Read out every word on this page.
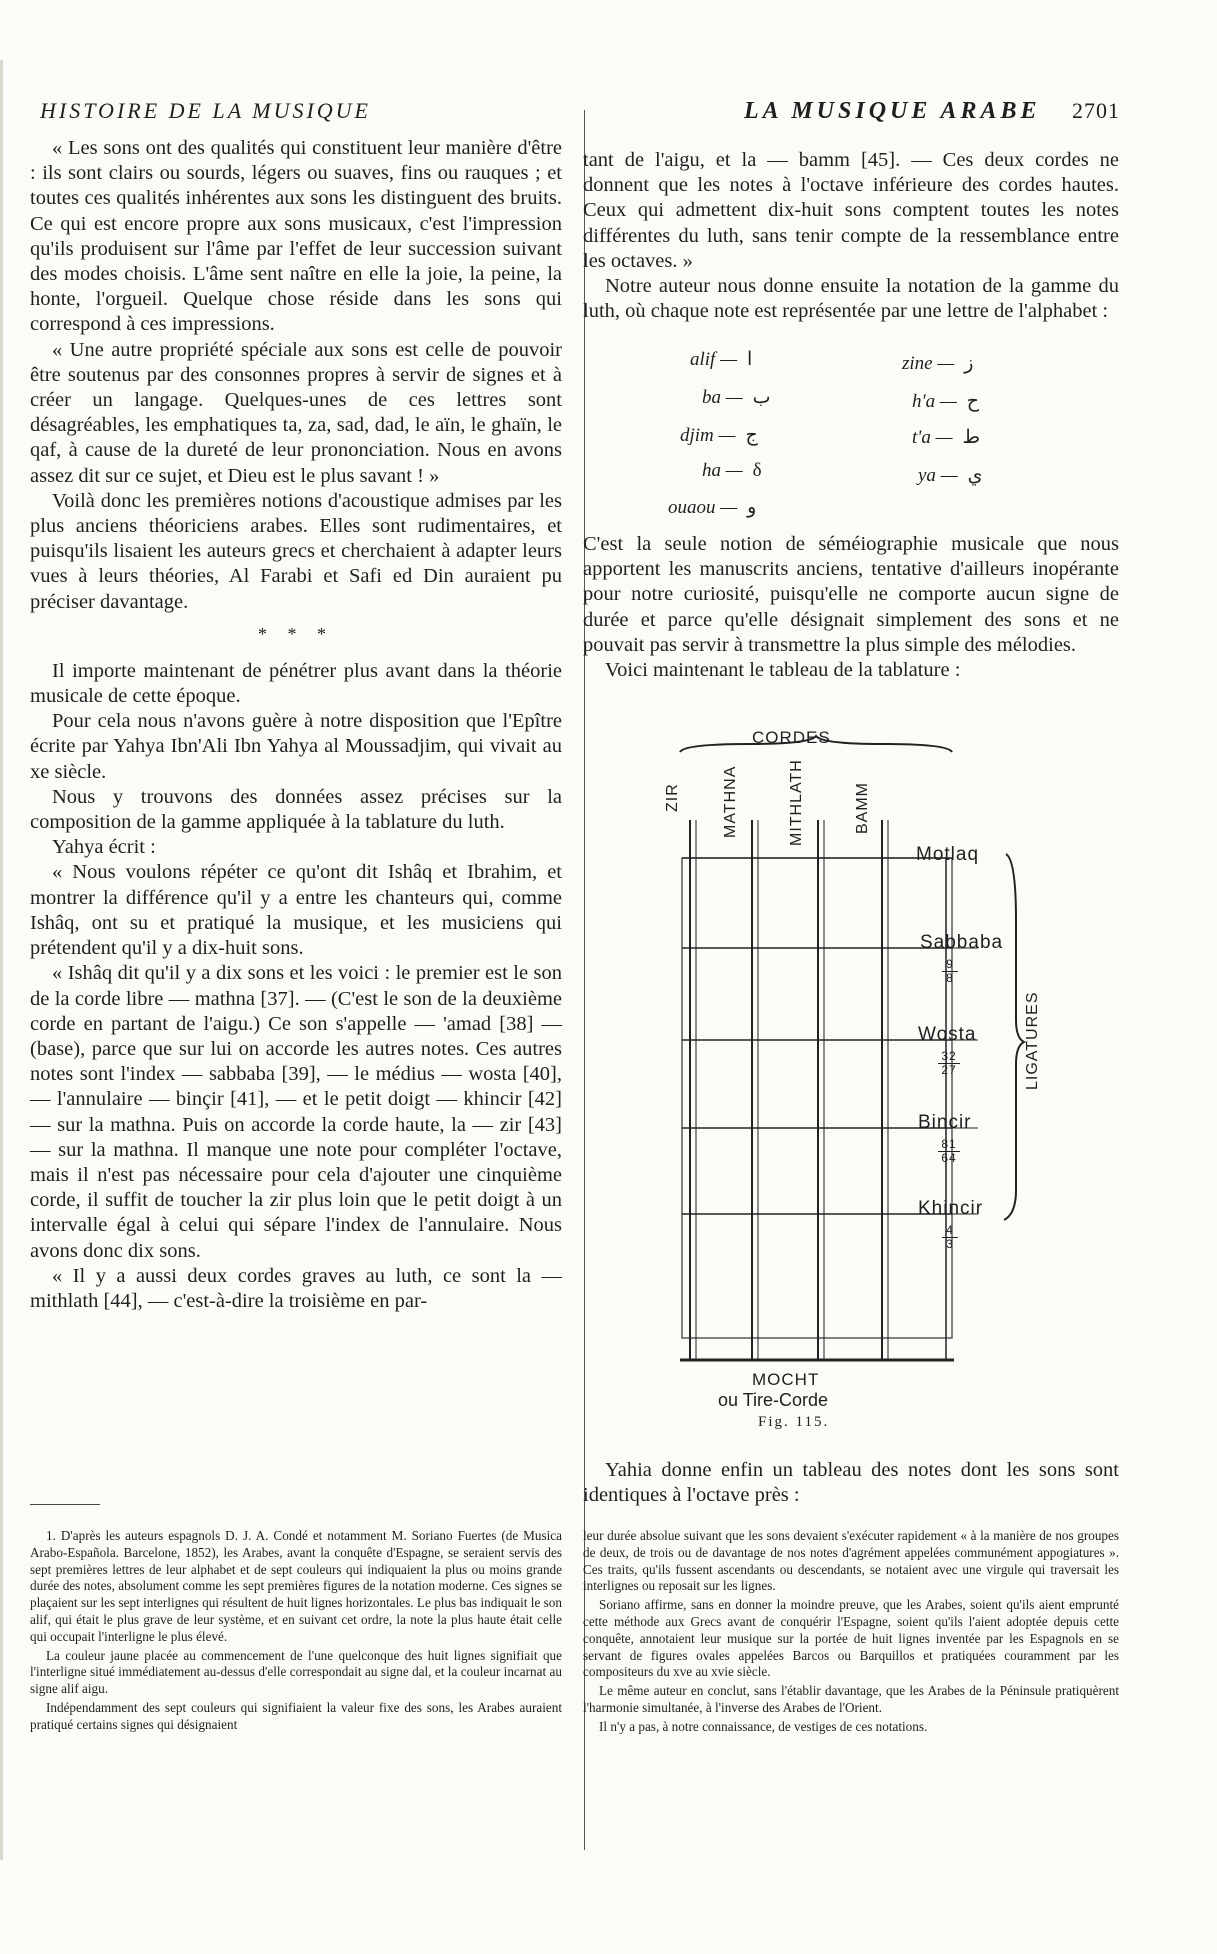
HISTOIRE DE LA MUSIQUE	LA MUSIQUE ARABE 2701

« Les sons ont des qualités qui constituent leur manière d'être : ils sont clairs ou sourds, légers ou suaves, fins ou rauques ; et toutes ces qualités inhérentes aux sons les distinguent des bruits. Ce qui est encore propre aux sons musicaux, c'est l'impression qu'ils produisent sur l'âme par l'effet de leur succession suivant des modes choisis. L'âme sent naître en elle la joie, la peine, la honte, l'orgueil. Quelque chose réside dans les sons qui correspond à ces impressions.

« Une autre propriété spéciale aux sons est celle de pouvoir être soutenus par des consonnes propres à servir de signes et à créer un langage. Quelques-unes de ces lettres sont désagréables, les emphatiques ta, za, sad, dad, le aïn, le ghaïn, le qaf, à cause de la dureté de leur prononciation. Nous en avons assez dit sur ce sujet, et Dieu est le plus savant ! »

Voilà donc les premières notions d'acoustique admises par les plus anciens théoriciens arabes. Elles sont rudimentaires, et puisqu'ils lisaient les auteurs grecs et cherchaient à adapter leurs vues à leurs théories, Al Farabi et Safi ed Din auraient pu préciser davantage.

* * *

Il importe maintenant de pénétrer plus avant dans la théorie musicale de cette époque.

Pour cela nous n'avons guère à notre disposition que l'Epître écrite par Yahya Ibn'Ali Ibn Yahya al Moussadjim, qui vivait au xe siècle.

Nous y trouvons des données assez précises sur la composition de la gamme appliquée à la tablature du luth.

Yahya écrit :

« Nous voulons répéter ce qu'ont dit Ishâq et Ibrahim, et montrer la différence qu'il y a entre les chanteurs qui, comme Ishâq, ont su et pratiqué la musique, et les musiciens qui prétendent qu'il y a dix-huit sons.

« Ishâq dit qu'il y a dix sons et les voici : le premier est le son de la corde libre — mathna [37]. — (C'est le son de la deuxième corde en partant de l'aigu.) Ce son s'appelle — 'amad [38] — (base), parce que sur lui on accorde les autres notes. Ces autres notes sont l'index — sabbaba [39], — le médius — wosta [40], — l'annulaire — binçir [41], — et le petit doigt — khincir [42] — sur la mathna. Puis on accorde la corde haute, la — zir [43] — sur la mathna. Il manque une note pour compléter l'octave, mais il n'est pas nécessaire pour cela d'ajouter une cinquième corde, il suffit de toucher la zir plus loin que le petit doigt à un intervalle égal à celui qui sépare l'index de l'annulaire. Nous avons donc dix sons.

« Il y a aussi deux cordes graves au luth, ce sont la — mithlath [44], — c'est-à-dire la troisième en par-

tant de l'aigu, et la — bamm [45]. — Ces deux cordes ne donnent que les notes à l'octave inférieure des cordes hautes. Ceux qui admettent dix-huit sons comptent toutes les notes différentes du luth, sans tenir compte de la ressemblance entre les octaves. »

Notre auteur nous donne ensuite la notation de la gamme du luth, où chaque note est représentée par une lettre de l'alphabet :

alif — ا
ba — ب
djim — ج
ha — δ
ouaou — و
zine — ز
h'a — ح
t'a — ط
ya — ي

C'est la seule notion de séméiographie musicale que nous apportent les manuscrits anciens, tentative d'ailleurs inopérante pour notre curiosité, puisqu'elle ne comporte aucun signe de durée et parce qu'elle désignait simplement des sons et ne pouvait pas servir à transmettre la plus simple des mélodies.

Voici maintenant le tableau de la tablature :

CORDES
ZIR	MATHNA	MITHLATH	BAMM
Motlaq
Sabbaba
9
8
Wosta
32
27
Bincir
81
64
Khincir
4
3
LIGATURES
MOCHT
ou Tire-Corde
Fig. 115.

Yahia donne enfin un tableau des notes dont les sons sont identiques à l'octave près :

1. D'après les auteurs espagnols D. J. A. Condé et notamment M. Soriano Fuertes (de Musica Arabo-Española. Barcelone, 1852), les Arabes, avant la conquête d'Espagne, se seraient servis des sept premières lettres de leur alphabet et de sept couleurs qui indiquaient la plus ou moins grande durée des notes, absolument comme les sept premières figures de la notation moderne. Ces signes se plaçaient sur les sept interlignes qui résultent de huit lignes horizontales. Le plus bas indiquait le son alif, qui était le plus grave de leur système, et en suivant cet ordre, la note la plus haute était celle qui occupait l'interligne le plus élevé.

La couleur jaune placée au commencement de l'une quelconque des huit lignes signifiait que l'interligne situé immédiatement au-dessus d'elle correspondait au signe dal, et la couleur incarnat au signe alif aigu.

Indépendamment des sept couleurs qui signifiaient la valeur fixe des sons, les Arabes auraient pratiqué certains signes qui désignaient

leur durée absolue suivant que les sons devaient s'exécuter rapidement « à la manière de nos groupes de deux, de trois ou de davantage de nos notes d'agrément appelées communément appogiatures ». Ces traits, qu'ils fussent ascendants ou descendants, se notaient avec une virgule qui traversait les interlignes ou reposait sur les lignes.

Soriano affirme, sans en donner la moindre preuve, que les Arabes, soient qu'ils aient emprunté cette méthode aux Grecs avant de conquérir l'Espagne, soient qu'ils l'aient adoptée depuis cette conquête, annotaient leur musique sur la portée de huit lignes inventée par les Espagnols en se servant de figures ovales appelées Barcos ou Barquillos et pratiquées couramment par les compositeurs du xve au xvie siècle.

Le même auteur en conclut, sans l'établir davantage, que les Arabes de la Péninsule pratiquèrent l'harmonie simultanée, à l'inverse des Arabes de l'Orient.

Il n'y a pas, à notre connaissance, de vestiges de ces notations.
